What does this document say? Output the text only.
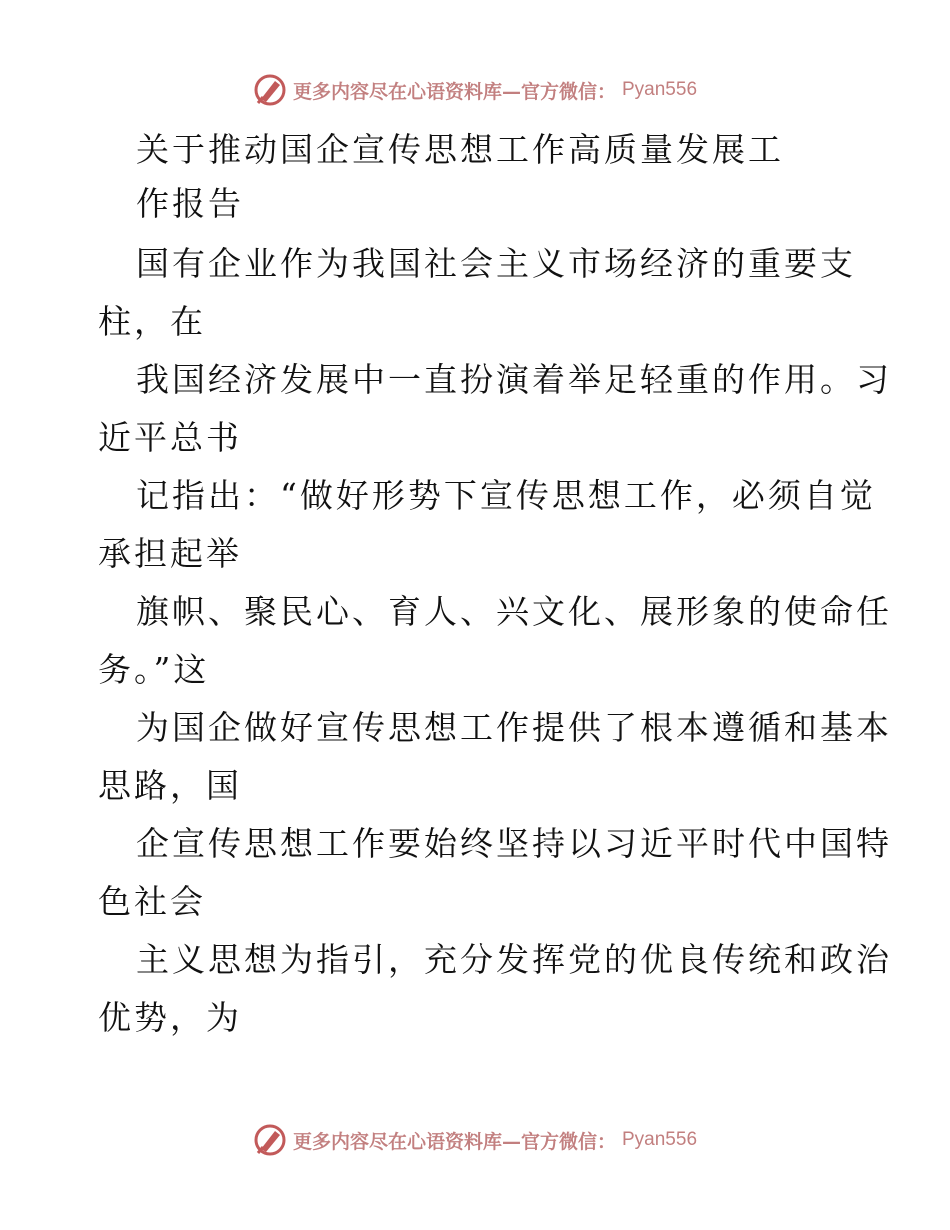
更多内容尽在心语资料库—官方微信： Pyan556
关于推动国企宣传思想工作高质量发展工
作报告
国有企业作为我国社会主义市场经济的重要支
柱，在
我国经济发展中一直扮演着举足轻重的作用。习
近平总书
记指出：“做好形势下宣传思想工作，必须自觉
承担起举
旗帜、聚民心、育人、兴文化、展形象的使命任
务。”这
为国企做好宣传思想工作提供了根本遵循和基本
思路，国
企宣传思想工作要始终坚持以习近平时代中国特
色社会
主义思想为指引，充分发挥党的优良传统和政治
优势，为
更多内容尽在心语资料库—官方微信： Pyan556
